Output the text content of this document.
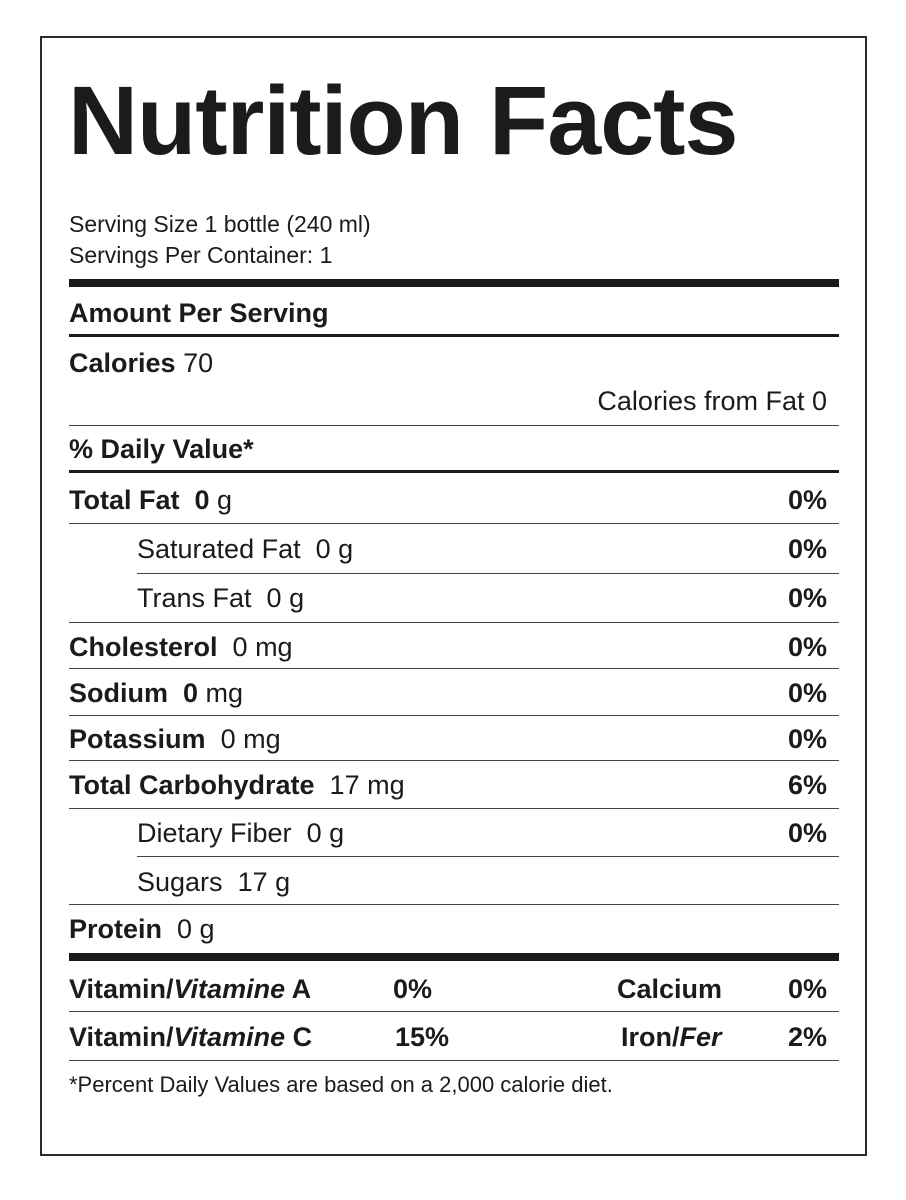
Nutrition Facts
Serving Size 1 bottle (240 ml)
Servings Per Container: 1
Amount Per Serving
Calories 70
Calories from Fat 0
% Daily Value*
Total Fat 0 g	0%
Saturated Fat 0 g	0%
Trans Fat 0 g	0%
Cholesterol 0 mg	0%
Sodium 0 mg	0%
Potassium 0 mg	0%
Total Carbohydrate 17 mg	6%
Dietary Fiber 0 g	0%
Sugars 17 g
Protein 0 g
Vitamin/Vitamine A	0%	Calcium 0%
Vitamin/Vitamine C	15%	Iron/Fer 2%
*Percent Daily Values are based on a 2,000 calorie diet.
